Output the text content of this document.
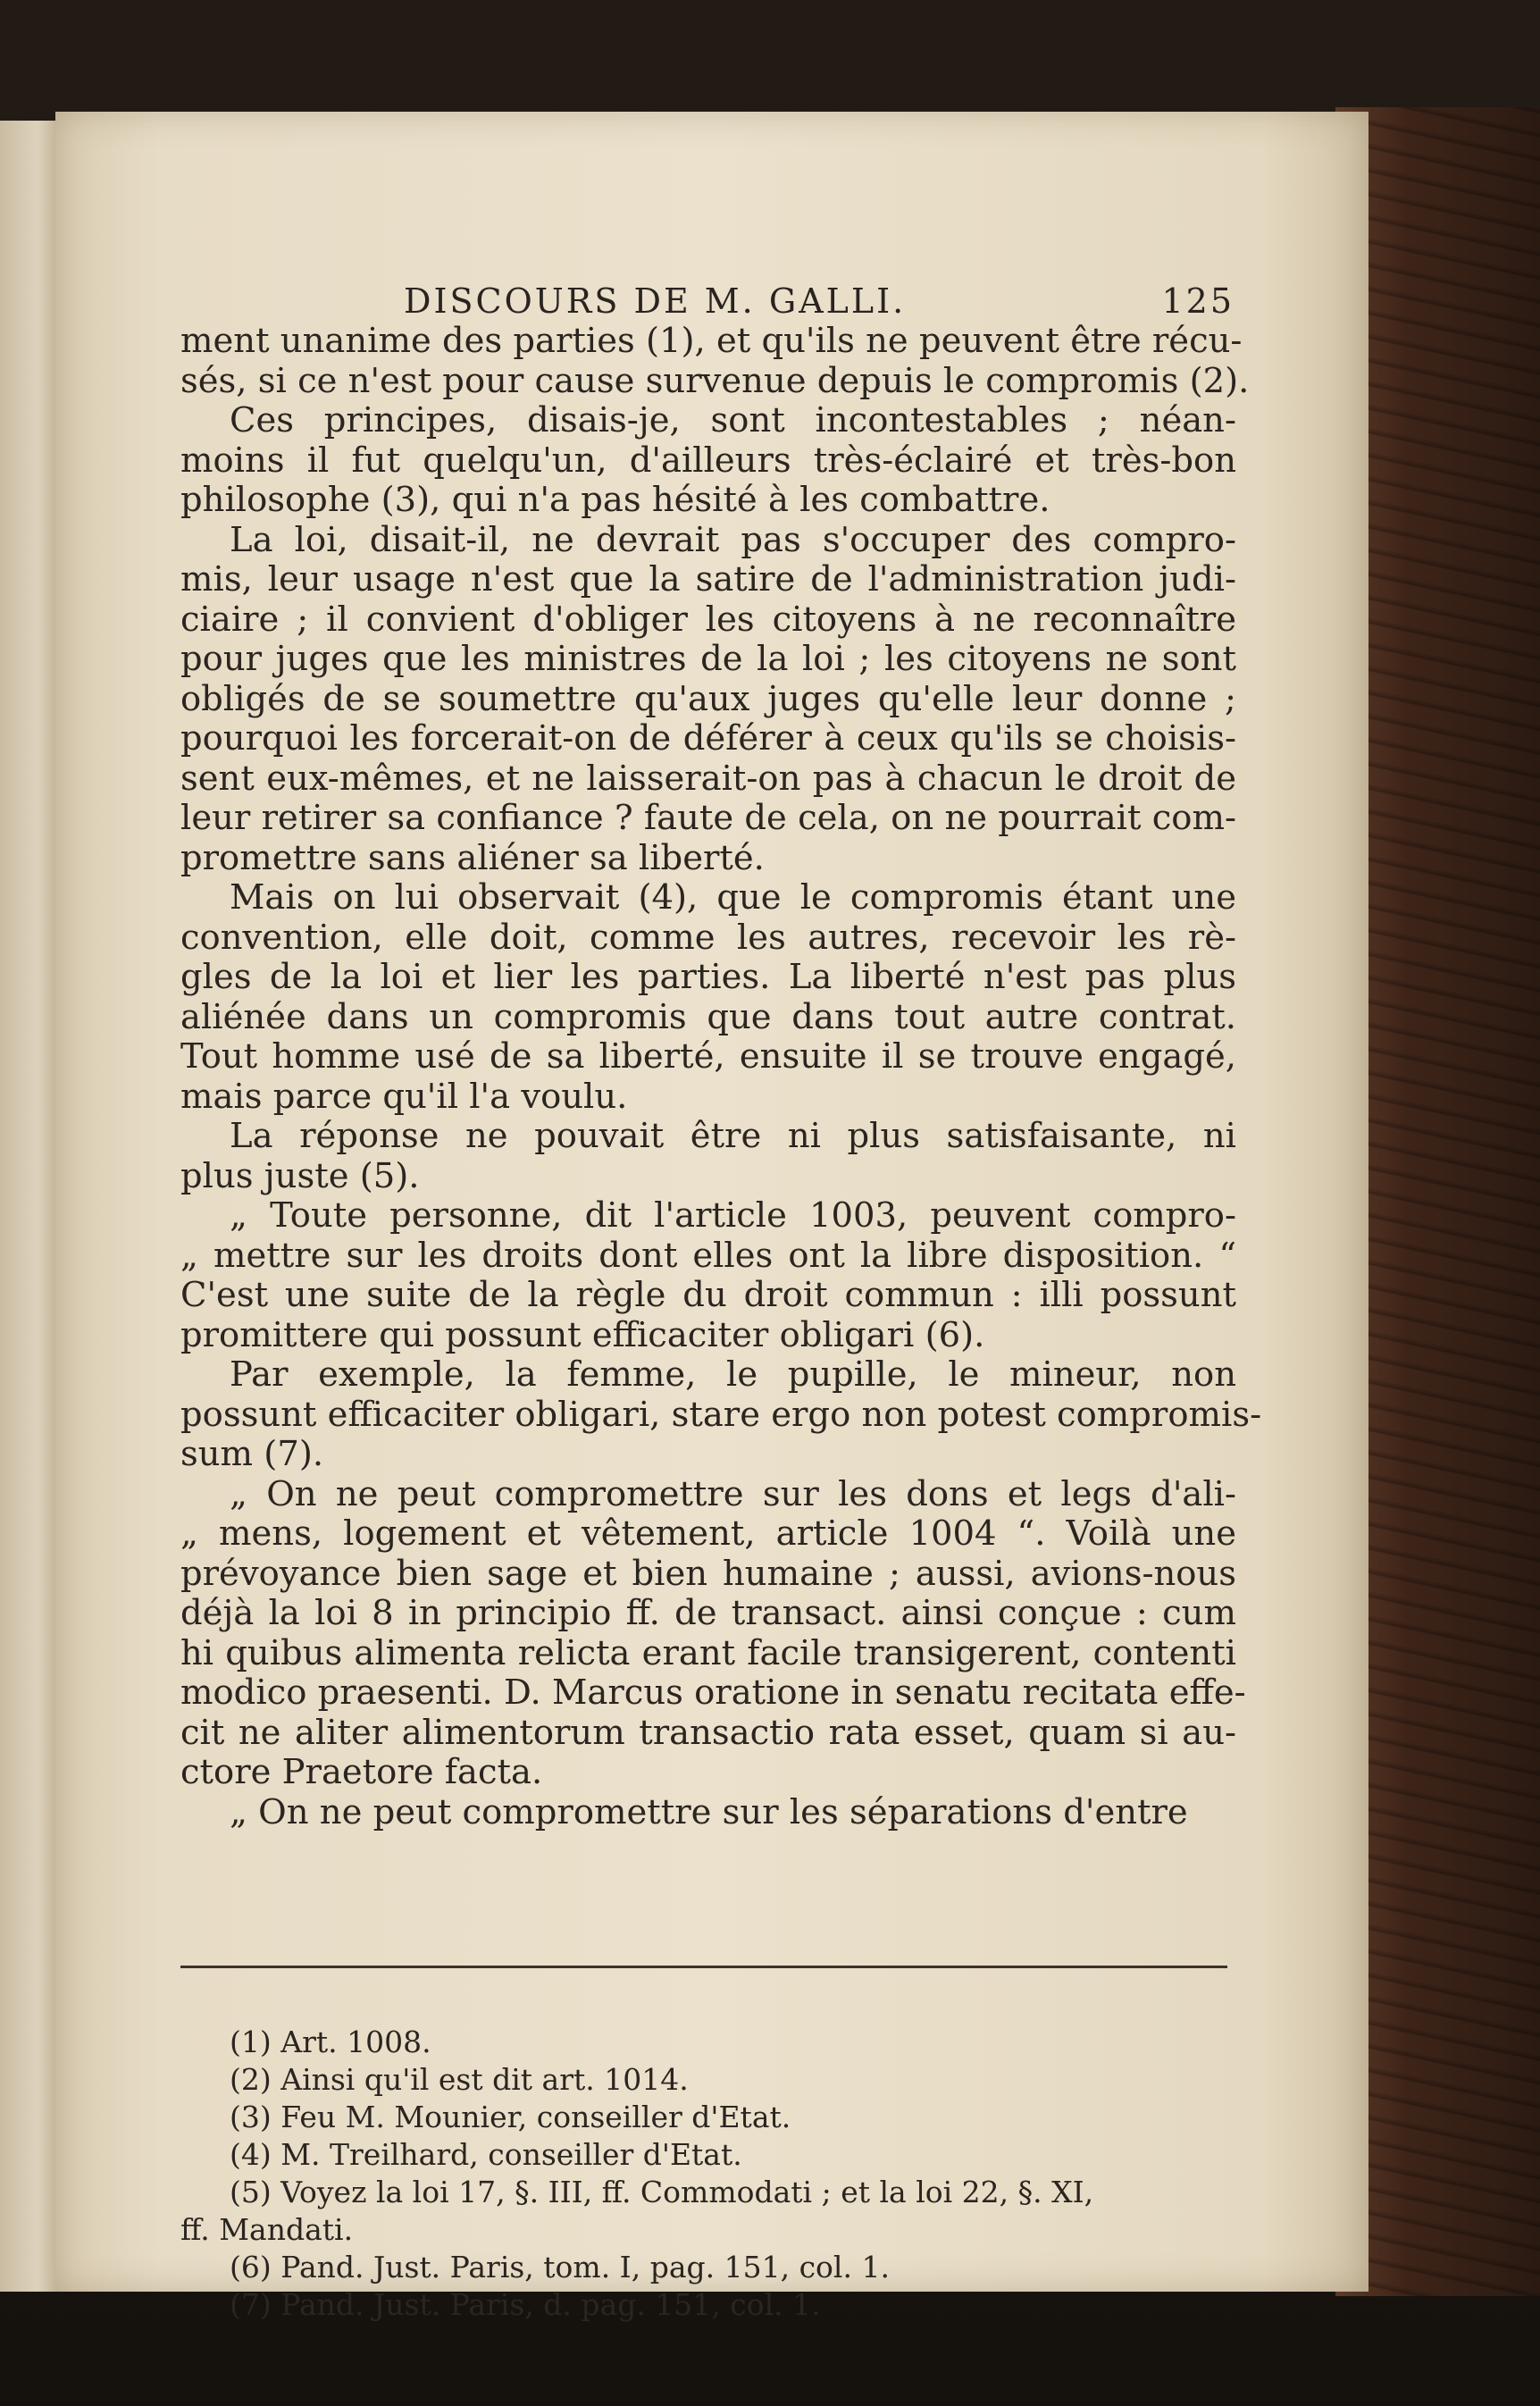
DISCOURS DE M. GALLI.	125
ment unanime des parties (1), et qu'ils ne peuvent être récu-
sés, si ce n'est pour cause survenue depuis le compromis (2).
Ces principes, disais-je, sont incontestables ; néan-
moins il fut quelqu'un, d'ailleurs très-éclairé et très-bon
philosophe (3), qui n'a pas hésité à les combattre.
La loi, disait-il, ne devrait pas s'occuper des compro-
mis, leur usage n'est que la satire de l'administration judi-
ciaire ; il convient d'obliger les citoyens à ne reconnaître
pour juges que les ministres de la loi ; les citoyens ne sont
obligés de se soumettre qu'aux juges qu'elle leur donne ;
pourquoi les forcerait-on de déférer à ceux qu'ils se choisis-
sent eux-mêmes, et ne laisserait-on pas à chacun le droit de
leur retirer sa confiance ? faute de cela, on ne pourrait com-
promettre sans aliéner sa liberté.
Mais on lui observait (4), que le compromis étant une
convention, elle doit, comme les autres, recevoir les rè-
gles de la loi et lier les parties. La liberté n'est pas plus
aliénée dans un compromis que dans tout autre contrat.
Tout homme usé de sa liberté, ensuite il se trouve engagé,
mais parce qu'il l'a voulu.
La réponse ne pouvait être ni plus satisfaisante, ni
plus juste (5).
„ Toute personne, dit l'article 1003, peuvent compro-
„ mettre sur les droits dont elles ont la libre disposition. “
C'est une suite de la règle du droit commun : illi possunt
promittere qui possunt efficaciter obligari (6).
Par exemple, la femme, le pupille, le mineur, non
possunt efficaciter obligari, stare ergo non potest compromis-
sum (7).
„ On ne peut compromettre sur les dons et legs d'ali-
„ mens, logement et vêtement, article 1004 “. Voilà une
prévoyance bien sage et bien humaine ; aussi, avions-nous
déjà la loi 8 in principio ff. de transact. ainsi conçue : cum
hi quibus alimenta relicta erant facile transigerent, contenti
modico praesenti. D. Marcus oratione in senatu recitata effe-
cit ne aliter alimentorum transactio rata esset, quam si au-
ctore Praetore facta.
„ On ne peut compromettre sur les séparations d'entre
(1) Art. 1008.
(2) Ainsi qu'il est dit art. 1014.
(3) Feu M. Mounier, conseiller d'Etat.
(4) M. Treilhard, conseiller d'Etat.
(5) Voyez la loi 17, §. III, ff. Commodati ; et la loi 22, §. XI,
ff. Mandati.
(6) Pand. Just. Paris, tom. I, pag. 151, col. 1.
(7) Pand. Just. Paris, d. pag. 151, col. 1.
